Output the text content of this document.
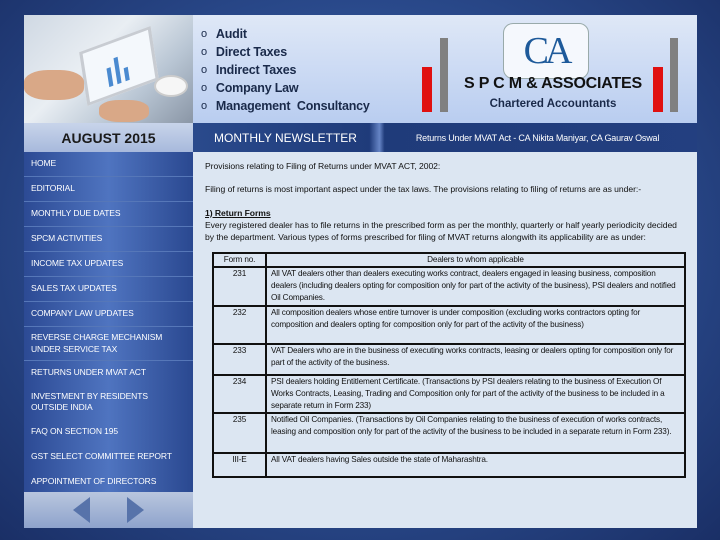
AUGUST 2015
HOME
EDITORIAL
MONTHLY DUE DATES
SPCM ACTIVITIES
INCOME TAX UPDATES
SALES TAX UPDATES
COMPANY LAW UPDATES
REVERSE CHARGE MECHANISM UNDER SERVICE TAX
RETURNS UNDER MVAT ACT
INVESTMENT BY RESIDENTS OUTSIDE INDIA
FAQ ON SECTION 195
GST SELECT COMMITTEE REPORT
APPOINTMENT OF DIRECTORS
o Audit
o Direct Taxes
o Indirect Taxes
o Company Law
o Management  Consultancy
CA
S P C M & ASSOCIATES
Chartered Accountants
MONTHLY NEWSLETTER	Returns Under MVAT Act - CA Nikita Maniyar, CA Gaurav Oswal

Provisions relating to Filing of Returns under MVAT ACT, 2002:

Filing of returns is most important aspect under the tax laws. The provisions relating to filing of returns are as under:-

1) Return Forms

Every registered dealer has to file returns in the prescribed form as per the monthly, quarterly or half yearly periodicity decided by the department. Various types of forms prescribed for filing of MVAT returns alongwith its applicability are as under:

Form no.	Dealers to whom applicable
231	All VAT dealers other than dealers executing works contract, dealers engaged in leasing business, composition dealers (including dealers opting for composition only for part of the activity of the business), PSI dealers and notified Oil Companies.
232	All composition dealers whose entire turnover is under composition (excluding works contractors opting for composition and dealers opting for composition only for part of the activity of the business)
233	VAT Dealers who are in the business of executing works contracts, leasing or dealers opting for composition only for part of the activity of the business.
234	PSI dealers holding Entitlement Certificate. (Transactions by PSI dealers relating to the business of Execution Of Works Contracts, Leasing, Trading and Composition only for part of the activity of the business to be included in a separate return in Form 233)
235	Notified Oil Companies. (Transactions by Oil Companies relating to the business of execution of works contracts, leasing and composition only for part of the activity of the business to be included in a separate return in Form 233).
III-E	All VAT dealers having Sales outside the state of Maharashtra.
